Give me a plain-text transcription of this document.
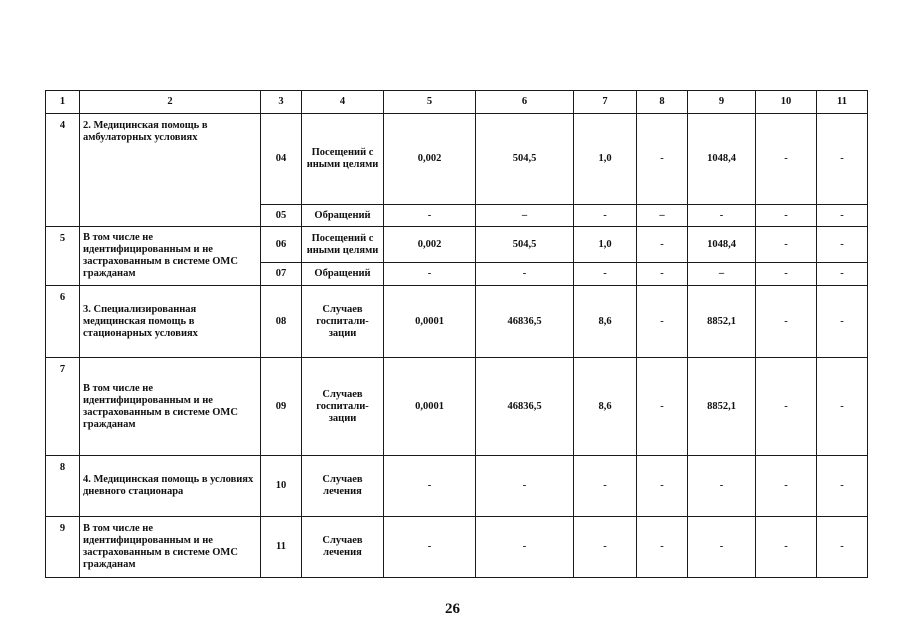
1	2	3	4	5	6	7	8	9	10	11
4	2. Медицинская помощь в амбулаторных условиях	04	Посещений с иными целями	0,002	504,5	1,0	-	1048,4	-	-
		05	Обращений	-	–	-	–	-	-	-
5	В том числе не идентифицированным и не застрахованным в системе ОМС гражданам	06	Посещений с иными целями	0,002	504,5	1,0	-	1048,4	-	-
		07	Обращений	-	-	-	-	–	-	-
6	3. Специализированная медицинская помощь в стационарных условиях	08	Случаев госпитали- зации	0,0001	46836,5	8,6	-	8852,1	-	-
7	В том числе не идентифицированным и не застрахованным в системе ОМС гражданам	09	Случаев госпитали- зации	0,0001	46836,5	8,6	-	8852,1	-	-
8	4. Медицинская помощь в условиях дневного стационара	10	Случаев лечения	-	-	-	-	-	-	-
9	В том числе не идентифицированным и не застрахованным в системе ОМС гражданам	11	Случаев лечения	-	-	-	-	-	-	-
26
